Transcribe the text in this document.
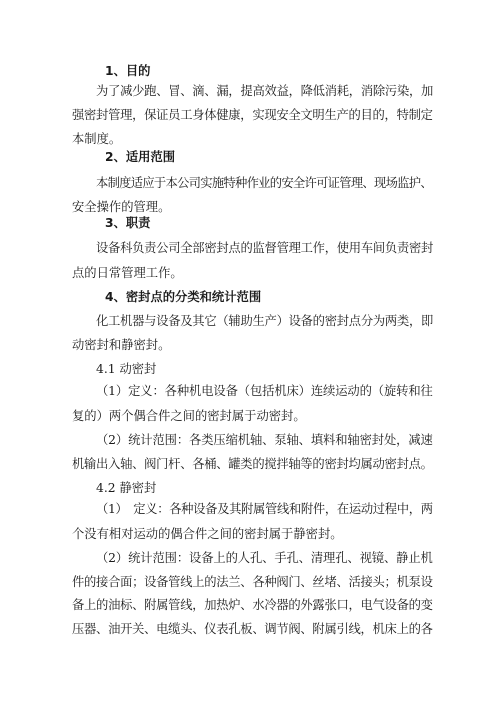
1、目的
为了减少跑、冒、滴、漏，提高效益，降低消耗，消除污染，加
强密封管理，保证员工身体健康，实现安全文明生产的目的，特制定
本制度。
2、适用范围
本制度适应于本公司实施特种作业的安全许可证管理、现场监护、
安全操作的管理。
3、职责
设备科负责公司全部密封点的监督管理工作，使用车间负责密封
点的日常管理工作。
4、密封点的分类和统计范围
化工机器与设备及其它（辅助生产）设备的密封点分为两类，即
动密封和静密封。
4.1 动密封
（1）定义：各种机电设备（包括机床）连续运动的（旋转和往
复的）两个偶合件之间的密封属于动密封。
（2）统计范围：各类压缩机轴、泵轴、填料和轴密封处，减速
机输出入轴、阀门杆、各桶、罐类的搅拌轴等的密封均属动密封点。
4.2 静密封
（1）　定义：各种设备及其附属管线和附件，在运动过程中，两
个没有相对运动的偶合件之间的密封属于静密封。
（2）统计范围：设备上的人孔、手孔、清理孔、视镜、静止机
件的接合面；设备管线上的法兰、各种阀门、丝堵、活接头；机泵设
备上的油标、附属管线，加热炉、水冷器的外露张口，电气设备的变
压器、油开关、电缆头、仪表孔板、调节阀、附属引线，机床上的各
